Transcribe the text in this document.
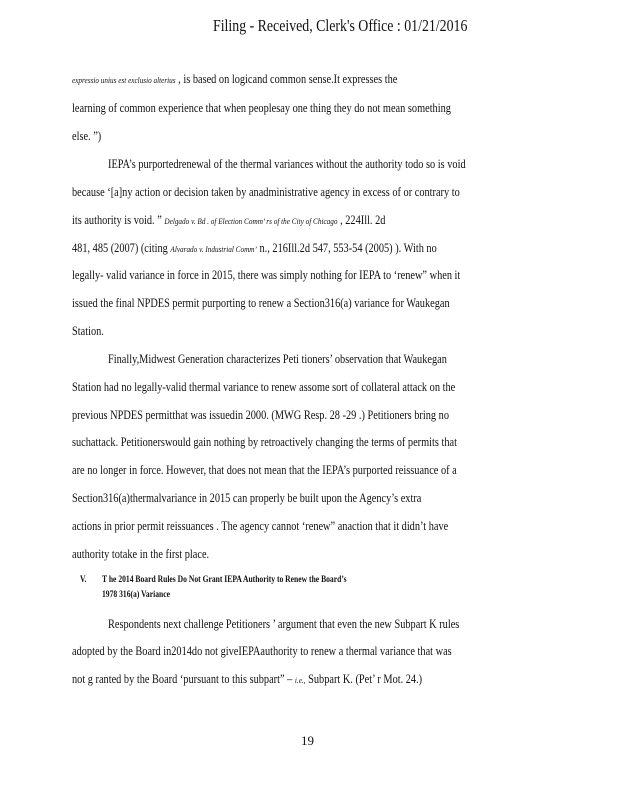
Filing - Received, Clerk's Office : 01/21/2016
expressio unius est exclusio alterius , is based on logicand common sense.It expresses the
learning of common experience that when peoplesay one thing they do not mean something
else. ”)
IEPA’s purportedrenewal of the thermal variances without the authority todo so is void
because ‘[a]ny action or decision taken by anadministrative agency in excess of or contrary to
its authority is void. ” Delgado v. Bd . of Election Comm’ rs of the City of Chicago , 224Ill. 2d
481, 485 (2007) (citing Alvarado v. Industrial Comm’ n., 216Ill.2d 547, 553-54 (2005) ). With no
legally- valid variance in force in 2015, there was simply nothing for IEPA to ‘renew” when it
issued the final NPDES permit purporting to renew a Section316(a) variance for Waukegan
Station.
Finally,Midwest Generation characterizes Peti tioners’ observation that Waukegan
Station had no legally-valid thermal variance to renew assome sort of collateral attack on the
previous NPDES permitthat was issuedin 2000. (MWG Resp. 28 -29 .) Petitioners bring no
suchattack. Petitionerswould gain nothing by retroactively changing the terms of permits that
are no longer in force. However, that does not mean that the IEPA’s purported reissuance of a
Section316(a)thermalvariance in 2015 can properly be built upon the Agency’s extra
actions in prior permit reissuances . The agency cannot ‘renew” anaction that it didn’t have
authority totake in the first place.
V. T he 2014 Board Rules Do Not Grant IEPA Authority to Renew the Board’s
1978 316(a) Variance
Respondents next challenge Petitioners ’ argument that even the new Subpart K rules
adopted by the Board in2014do not giveIEPAauthority to renew a thermal variance that was
not g ranted by the Board ‘pursuant to this subpart” – i.e., Subpart K. (Pet’ r Mot. 24.)
19
